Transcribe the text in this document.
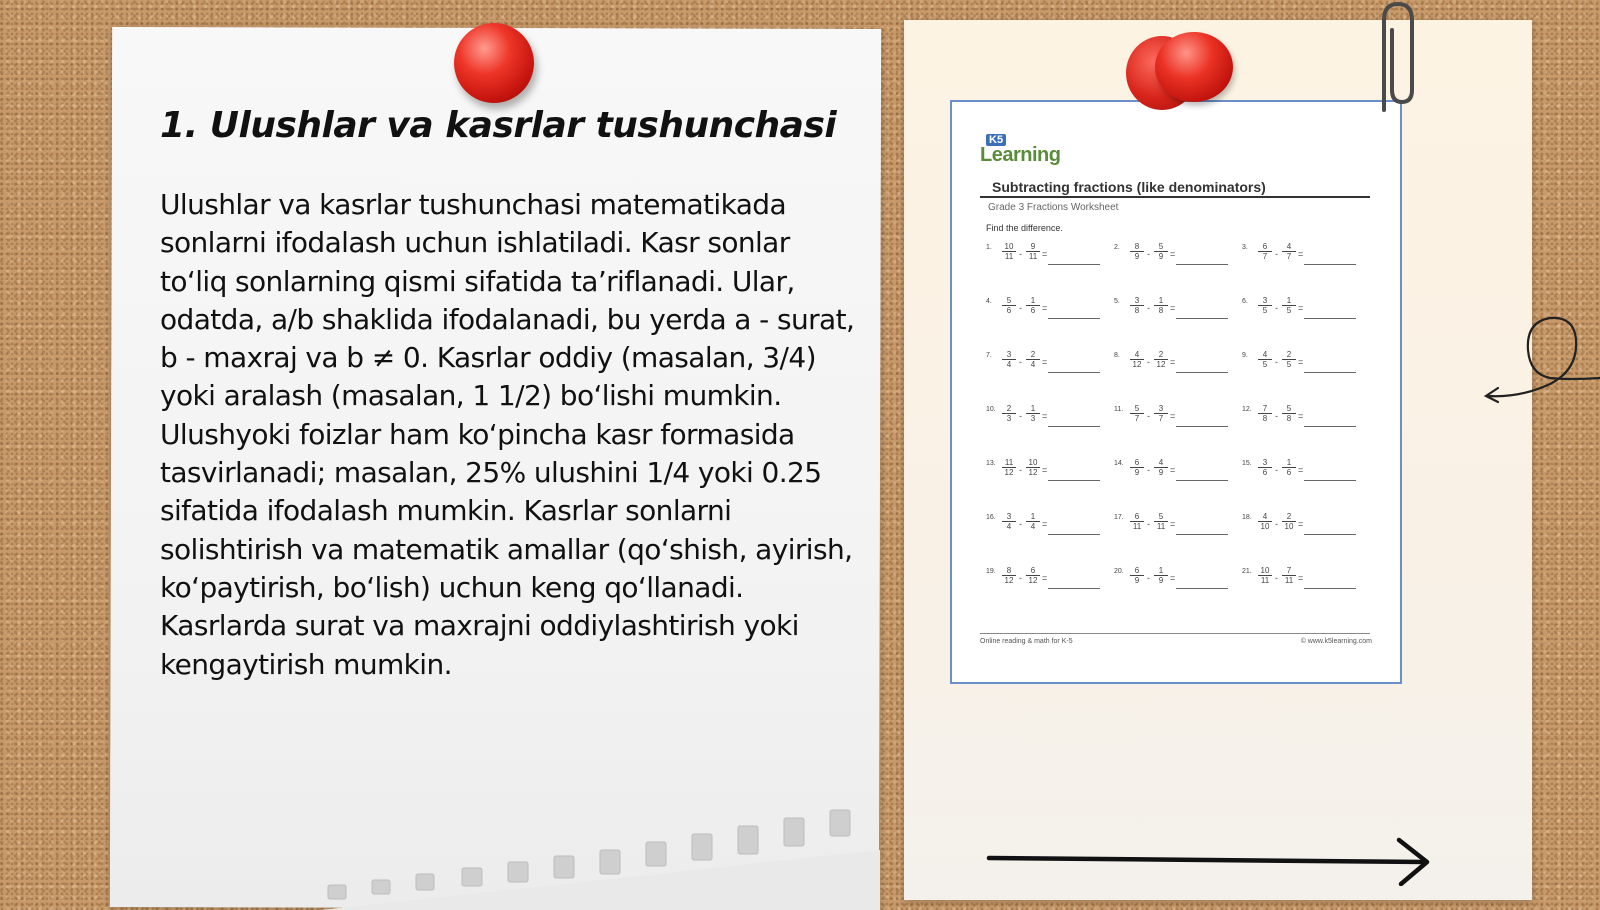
1. Ulushlar va kasrlar tushunchasi

Ulushlar va kasrlar tushunchasi matematikada sonlarni ifodalash uchun ishlatiladi. Kasr sonlar to‘liq sonlarning qismi sifatida ta’riflanadi. Ular, odatda, a/b shaklida ifodalanadi, bu yerda a - surat, b - maxraj va b ≠ 0. Kasrlar oddiy (masalan, 3/4) yoki aralash (masalan, 1 1/2) bo‘lishi mumkin. Ulushyoki foizlar ham ko‘pincha kasr formasida tasvirlanadi; masalan, 25% ulushini 1/4 yoki 0.25 sifatida ifodalash mumkin. Kasrlar sonlarni solishtirish va matematik amallar (qo‘shish, ayirish, ko‘paytirish, bo‘lish) uchun keng qo‘llanadi. Kasrlarda surat va maxrajni oddiylashtirish yoki kengaytirish mumkin.

K5
Learning
Subtracting fractions (like denominators)
Grade 3 Fractions Worksheet
Find the difference.
1. $\frac{10}{11} - \frac{9}{11}$ =
2. $\frac{8}{9} - \frac{5}{9}$ =
3. $\frac{6}{7} - \frac{4}{7}$ =
4. $\frac{5}{6} - \frac{1}{6}$ =
5. $\frac{3}{8} - \frac{1}{8}$ =
6. $\frac{3}{5} - \frac{1}{5}$ =
7. $\frac{3}{4} - \frac{2}{4}$ =
8. $\frac{4}{12} - \frac{2}{12}$ =
9. $\frac{4}{5} - \frac{2}{5}$ =
10. $\frac{2}{3} - \frac{1}{3}$ =
11. $\frac{5}{7} - \frac{3}{7}$ =
12. $\frac{7}{8} - \frac{5}{8}$ =
13. $\frac{11}{12} - \frac{10}{12}$ =
14. $\frac{6}{9} - \frac{4}{9}$ =
15. $\frac{3}{6} - \frac{1}{6}$ =
16. $\frac{3}{4} - \frac{1}{4}$ =
17. $\frac{6}{11} - \frac{5}{11}$ =
18. $\frac{4}{10} - \frac{2}{10}$ =
19. $\frac{8}{12} - \frac{6}{12}$ =
20. $\frac{6}{9} - \frac{1}{9}$ =
21. $\frac{10}{11} - \frac{7}{11}$ =
Online reading & math for K-5	© www.k5learning.com
